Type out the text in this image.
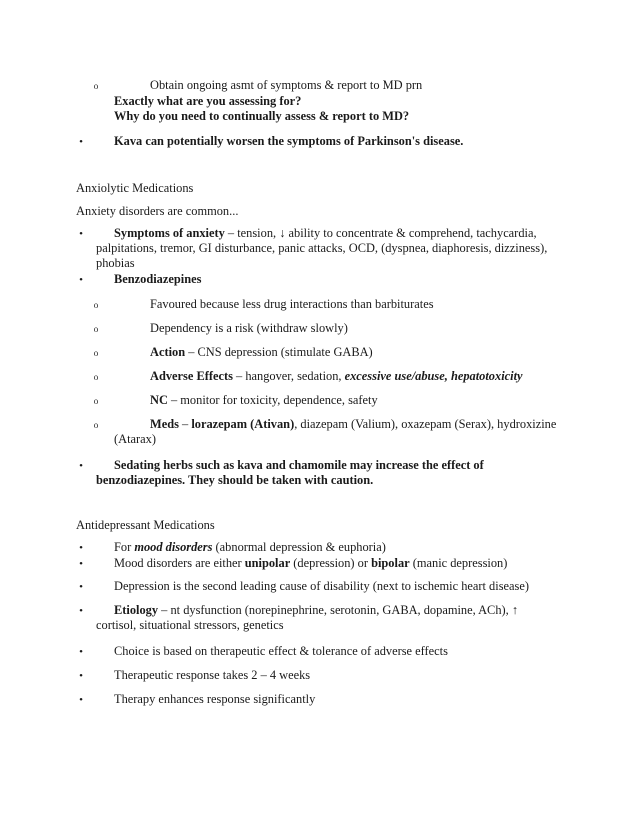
o	Obtain ongoing asmt of symptoms & report to MD prn
Exactly what are you assessing for?
Why do you need to continually assess & report to MD?
•	Kava can potentially worsen the symptoms of Parkinson's disease.
Anxiolytic Medications
Anxiety disorders are common...
•	Symptoms of anxiety – tension, ↓ ability to concentrate & comprehend, tachycardia,
palpitations, tremor, GI disturbance, panic attacks, OCD, (dyspnea, diaphoresis, dizziness),
phobias
•	Benzodiazepines
o	Favoured because less drug interactions than barbiturates
o	Dependency is a risk (withdraw slowly)
o	Action – CNS depression (stimulate GABA)
o	Adverse Effects – hangover, sedation, excessive use/abuse, hepatotoxicity
o	NC – monitor for toxicity, dependence, safety
o	Meds – lorazepam (Ativan), diazepam (Valium), oxazepam (Serax), hydroxizine
(Atarax)
•	Sedating herbs such as kava and chamomile may increase the effect of
benzodiazepines. They should be taken with caution.
Antidepressant Medications
•	For mood disorders (abnormal depression & euphoria)
•	Mood disorders are either unipolar (depression) or bipolar (manic depression)
•	Depression is the second leading cause of disability (next to ischemic heart disease)
•	Etiology – nt dysfunction (norepinephrine, serotonin, GABA, dopamine, ACh), ↑
cortisol, situational stressors, genetics
•	Choice is based on therapeutic effect & tolerance of adverse effects
•	Therapeutic response takes 2 – 4 weeks
•	Therapy enhances response significantly
